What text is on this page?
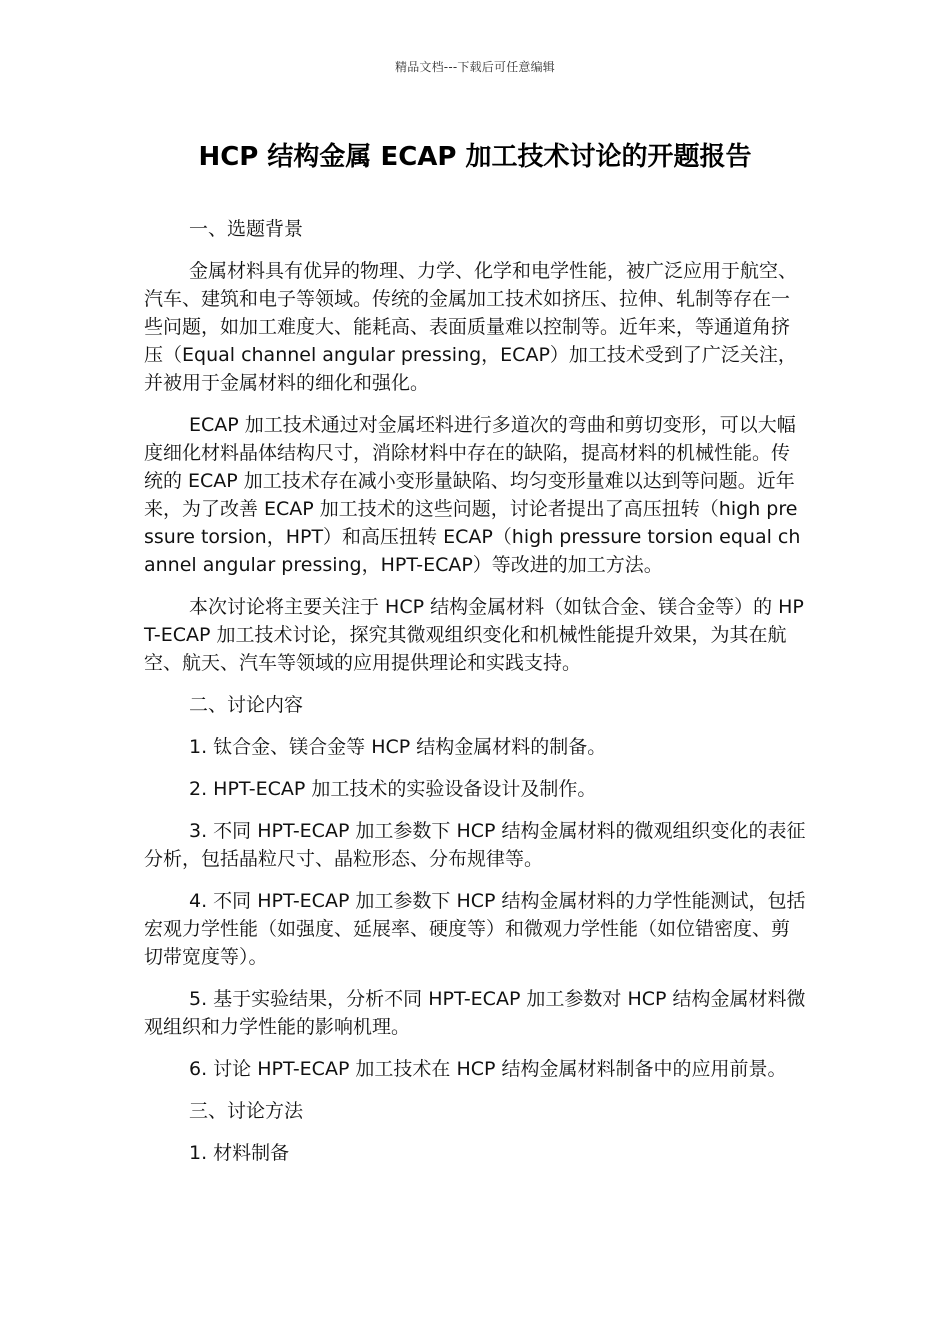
精品文档---下载后可任意编辑
HCP 结构金属 ECAP 加工技术讨论的开题报告

一、选题背景

金属材料具有优异的物理、力学、化学和电学性能，被广泛应用于航空、汽车、建筑和电子等领域。传统的金属加工技术如挤压、拉伸、轧制等存在一些问题，如加工难度大、能耗高、表面质量难以控制等。近年来，等通道角挤压（Equal channel angular pressing，ECAP）加工技术受到了广泛关注，并被用于金属材料的细化和强化。

ECAP 加工技术通过对金属坯料进行多道次的弯曲和剪切变形，可以大幅度细化材料晶体结构尺寸，消除材料中存在的缺陷，提高材料的机械性能。传统的 ECAP 加工技术存在减小变形量缺陷、均匀变形量难以达到等问题。近年来，为了改善 ECAP 加工技术的这些问题，讨论者提出了高压扭转（high pressure torsion，HPT）和高压扭转 ECAP（high pressure torsion equal channel angular pressing，HPT-ECAP）等改进的加工方法。

本次讨论将主要关注于 HCP 结构金属材料（如钛合金、镁合金等）的 HPT-ECAP 加工技术讨论，探究其微观组织变化和机械性能提升效果，为其在航空、航天、汽车等领域的应用提供理论和实践支持。

二、讨论内容

1. 钛合金、镁合金等 HCP 结构金属材料的制备。

2. HPT-ECAP 加工技术的实验设备设计及制作。

3. 不同 HPT-ECAP 加工参数下 HCP 结构金属材料的微观组织变化的表征分析，包括晶粒尺寸、晶粒形态、分布规律等。

4. 不同 HPT-ECAP 加工参数下 HCP 结构金属材料的力学性能测试，包括宏观力学性能（如强度、延展率、硬度等）和微观力学性能（如位错密度、剪切带宽度等）。

5. 基于实验结果，分析不同 HPT-ECAP 加工参数对 HCP 结构金属材料微观组织和力学性能的影响机理。

6. 讨论 HPT-ECAP 加工技术在 HCP 结构金属材料制备中的应用前景。

三、讨论方法

1. 材料制备
